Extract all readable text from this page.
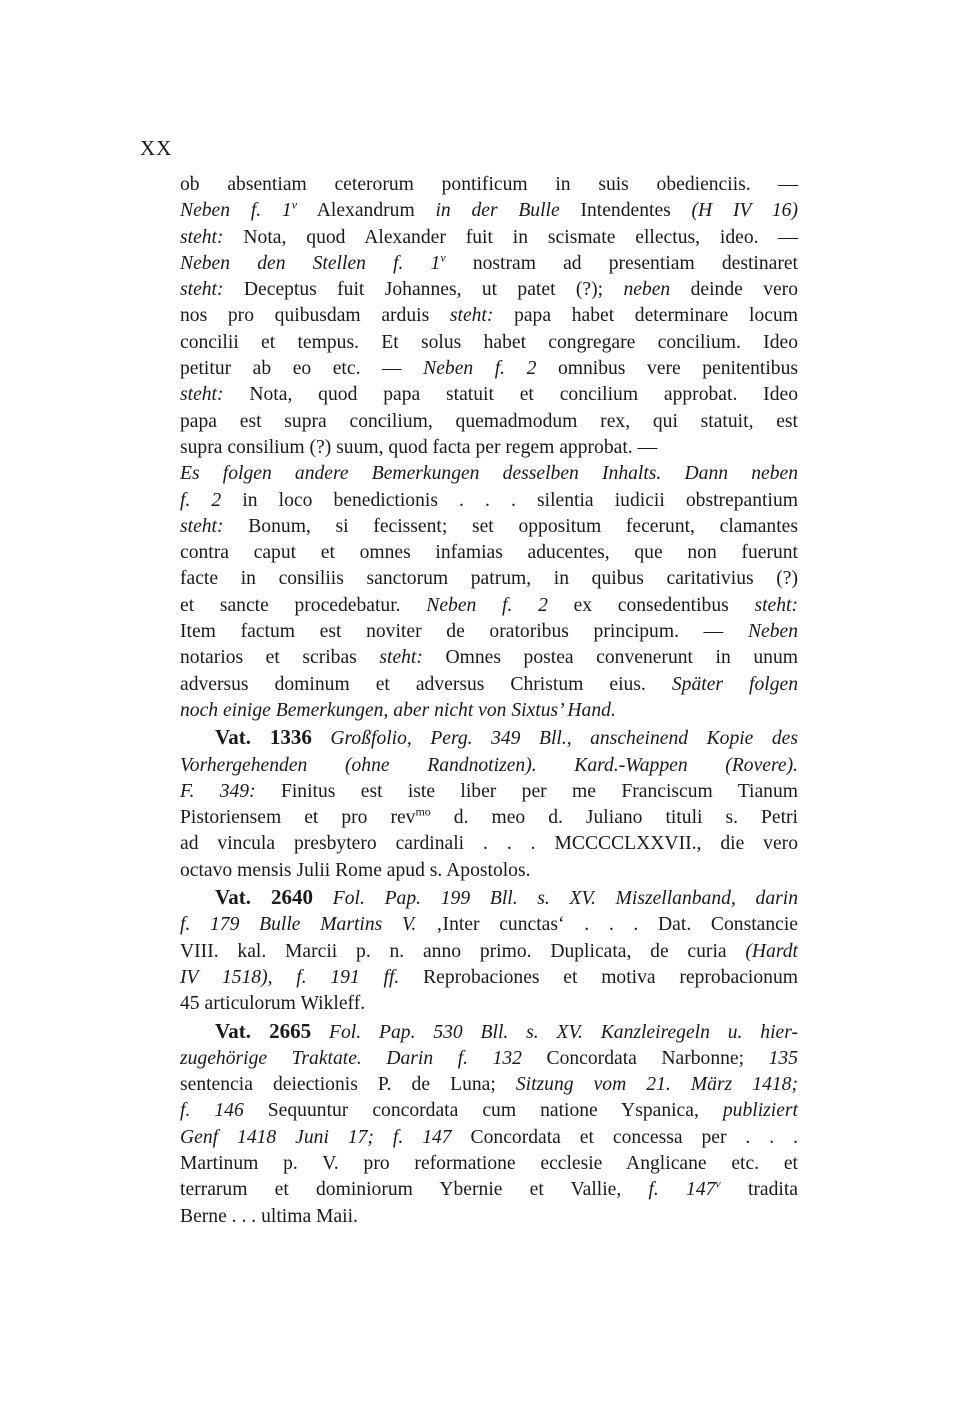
XX
ob absentiam ceterorum pontificum in suis obedienciis. —
Neben f. 1$^v$ Alexandrum in der Bulle Intendentes (H IV 16)
steht: Nota, quod Alexander fuit in scismate ellectus, ideo. —
Neben den Stellen f. 1$^v$ nostram ad presentiam destinaret
steht: Deceptus fuit Johannes, ut patet (?); neben deinde vero
nos pro quibusdam arduis steht: papa habet determinare locum
concilii et tempus. Et solus habet congregare concilium. Ideo
petitur ab eo etc. — Neben f. 2 omnibus vere penitentibus
steht: Nota, quod papa statuit et concilium approbat. Ideo
papa est supra concilium, quemadmodum rex, qui statuit, est
supra consilium (?) suum, quod facta per regem approbat. —
Es folgen andere Bemerkungen desselben Inhalts. Dann neben
f. 2 in loco benedictionis . . . silentia iudicii obstrepantium
steht: Bonum, si fecissent; set oppositum fecerunt, clamantes
contra caput et omnes infamias aducentes, que non fuerunt
facte in consiliis sanctorum patrum, in quibus caritativius (?)
et sancte procedebatur. Neben f. 2 ex consedentibus steht:
Item factum est noviter de oratoribus principum. — Neben
notarios et scribas steht: Omnes postea convenerunt in unum
adversus dominum et adversus Christum eius. Später folgen
noch einige Bemerkungen, aber nicht von Sixtus’ Hand.
Vat. 1336 Großfolio, Perg. 349 Bll., anscheinend Kopie des
Vorhergehenden (ohne Randnotizen). Kard.-Wappen (Rovere).
F. 349: Finitus est iste liber per me Franciscum Tianum
Pistoriensem et pro rev$^{mo}$ d. meo d. Juliano tituli s. Petri
ad vincula presbytero cardinali . . . MCCCCLXXVII., die vero
octavo mensis Julii Rome apud s. Apostolos.
Vat. 2640 Fol. Pap. 199 Bll. s. XV. Miszellanband, darin
f. 179 Bulle Martins V. ‚Inter cunctas‘ . . . Dat. Constancie
VIII. kal. Marcii p. n. anno primo. Duplicata, de curia (Hardt
IV 1518), f. 191 ff. Reprobaciones et motiva reprobacionum
45 articulorum Wikleff.
Vat. 2665 Fol. Pap. 530 Bll. s. XV. Kanzleiregeln u. hier-
zugehörige Traktate. Darin f. 132 Concordata Narbonne; 135
sentencia deiectionis P. de Luna; Sitzung vom 21. März 1418;
f. 146 Sequuntur concordata cum natione Yspanica, publiziert
Genf 1418 Juni 17; f. 147 Concordata et concessa per . . .
Martinum p. V. pro reformatione ecclesie Anglicane etc. et
terrarum et dominiorum Ybernie et Vallie, f. 147$^v$ tradita
Berne . . . ultima Maii.
